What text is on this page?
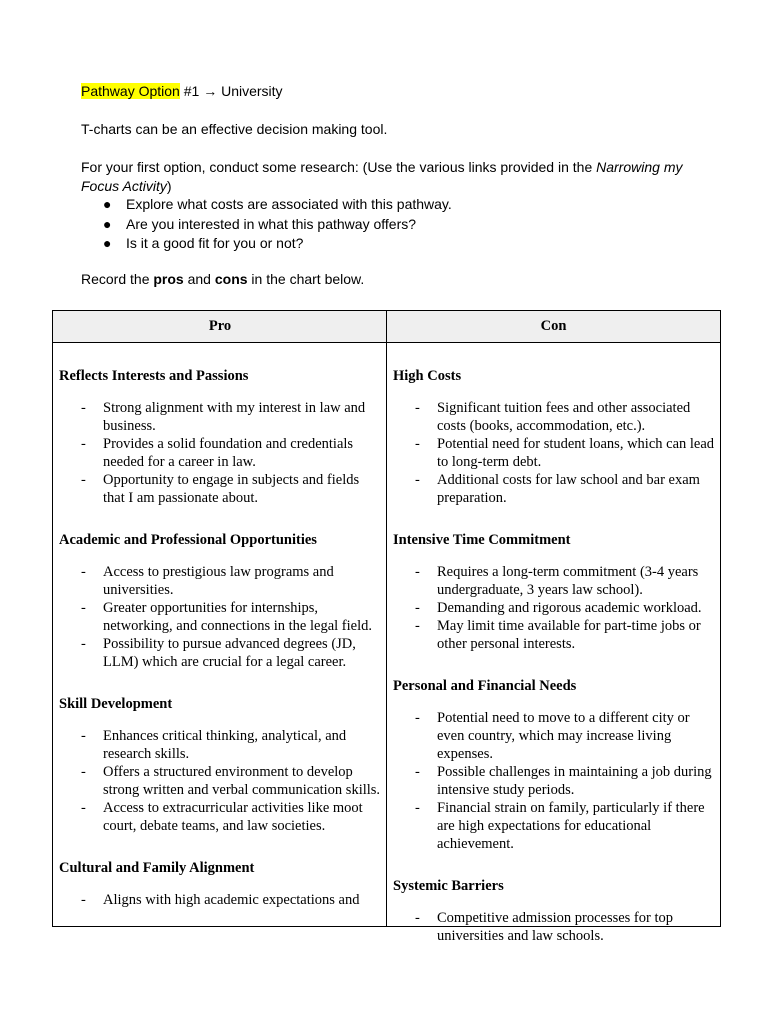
Pathway Option #1 → University
T-charts can be an effective decision making tool.
For your first option, conduct some research: (Use the various links provided in the Narrowing my Focus Activity)
● Explore what costs are associated with this pathway.
● Are you interested in what this pathway offers?
● Is it a good fit for you or not?
Record the pros and cons in the chart below.
Pro	Con
Reflects Interests and Passions
- Strong alignment with my interest in law and business.
- Provides a solid foundation and credentials needed for a career in law.
- Opportunity to engage in subjects and fields that I am passionate about.
Academic and Professional Opportunities
- Access to prestigious law programs and universities.
- Greater opportunities for internships, networking, and connections in the legal field.
- Possibility to pursue advanced degrees (JD, LLM) which are crucial for a legal career.
Skill Development
- Enhances critical thinking, analytical, and research skills.
- Offers a structured environment to develop strong written and verbal communication skills.
- Access to extracurricular activities like moot court, debate teams, and law societies.
Cultural and Family Alignment
- Aligns with high academic expectations and
High Costs
- Significant tuition fees and other associated costs (books, accommodation, etc.).
- Potential need for student loans, which can lead to long-term debt.
- Additional costs for law school and bar exam preparation.
Intensive Time Commitment
- Requires a long-term commitment (3-4 years undergraduate, 3 years law school).
- Demanding and rigorous academic workload.
- May limit time available for part-time jobs or other personal interests.
Personal and Financial Needs
- Potential need to move to a different city or even country, which may increase living expenses.
- Possible challenges in maintaining a job during intensive study periods.
- Financial strain on family, particularly if there are high expectations for educational achievement.
Systemic Barriers
- Competitive admission processes for top universities and law schools.
